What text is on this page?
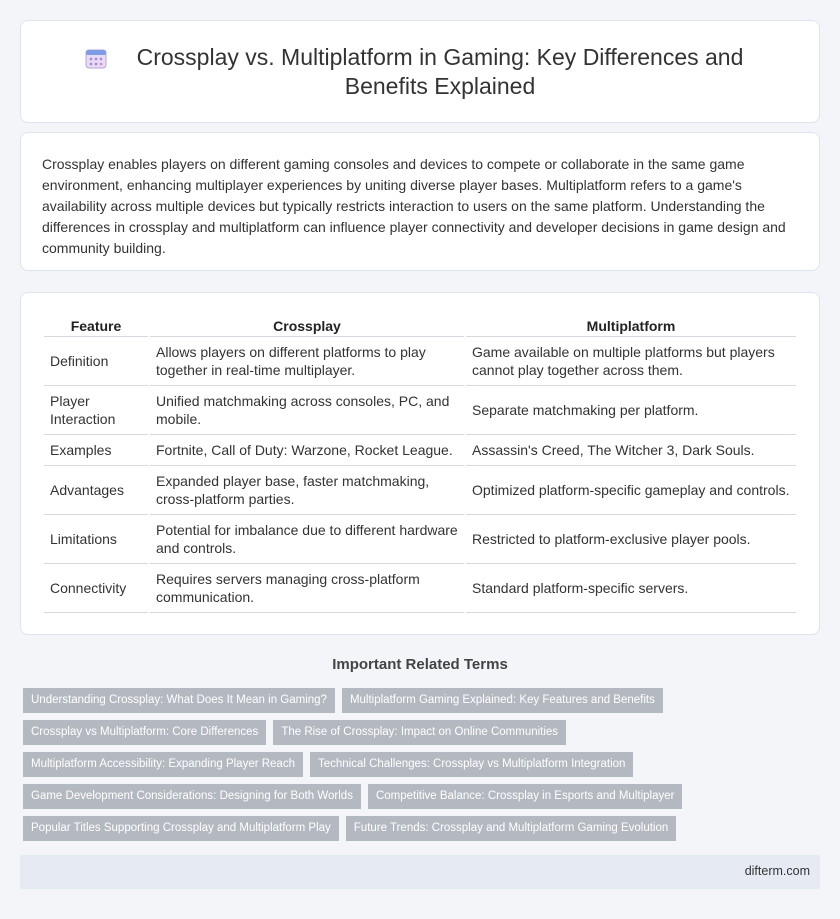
Crossplay vs. Multiplatform in Gaming: Key Differences and Benefits Explained

Crossplay enables players on different gaming consoles and devices to compete or collaborate in the same game environment, enhancing multiplayer experiences by uniting diverse player bases. Multiplatform refers to a game's availability across multiple devices but typically restricts interaction to users on the same platform. Understanding the differences in crossplay and multiplatform can influence player connectivity and developer decisions in game design and community building.

Feature	Crossplay	Multiplatform
Definition	Allows players on different platforms to play together in real-time multiplayer.	Game available on multiple platforms but players cannot play together across them.
Player Interaction	Unified matchmaking across consoles, PC, and mobile.	Separate matchmaking per platform.
Examples	Fortnite, Call of Duty: Warzone, Rocket League.	Assassin's Creed, The Witcher 3, Dark Souls.
Advantages	Expanded player base, faster matchmaking, cross-platform parties.	Optimized platform-specific gameplay and controls.
Limitations	Potential for imbalance due to different hardware and controls.	Restricted to platform-exclusive player pools.
Connectivity	Requires servers managing cross-platform communication.	Standard platform-specific servers.
Important Related Terms
Understanding Crossplay: What Does It Mean in Gaming?	Multiplatform Gaming Explained: Key Features and Benefits
Crossplay vs Multiplatform: Core Differences	The Rise of Crossplay: Impact on Online Communities
Multiplatform Accessibility: Expanding Player Reach	Technical Challenges: Crossplay vs Multiplatform Integration
Game Development Considerations: Designing for Both Worlds	Competitive Balance: Crossplay in Esports and Multiplayer
Popular Titles Supporting Crossplay and Multiplatform Play	Future Trends: Crossplay and Multiplatform Gaming Evolution
difterm.com
